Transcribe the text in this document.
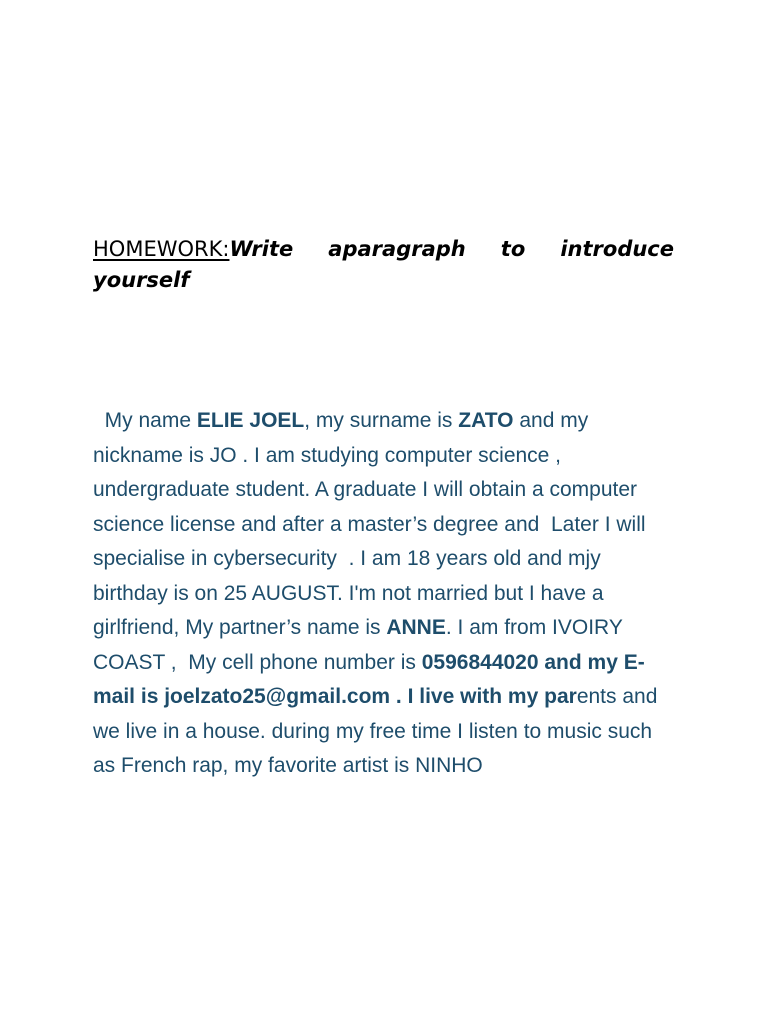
HOMEWORK:Write aparagraph to introduce yourself

My name ELIE JOEL, my surname is ZATO and my nickname is JO . I am studying computer science , undergraduate student. A graduate I will obtain a computer science license and after a master’s degree and  Later I will specialise in cybersecurity  . I am 18 years old and mjy birthday is on 25 AUGUST. I'm not married but I have a girlfriend, My partner’s name is ANNE. I am from IVOIRY COAST ,  My cell phone number is 0596844020 and my E-mail is joelzato25@gmail.com . I live with my parents and we live in a house. during my free time I listen to music such as French rap, my favorite artist is NINHO
